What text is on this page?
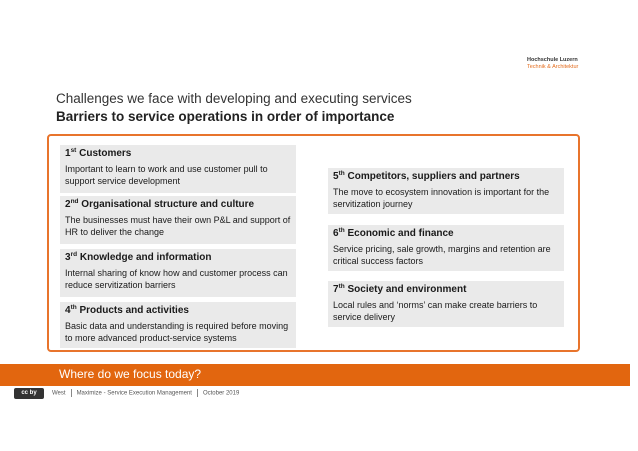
Hochschule Luzern
Technik & Architektur
Challenges we face with developing and executing services
Barriers to service operations in order of importance
1st Customers
Important to learn to work and use customer pull to support service development
2nd Organisational structure and culture
The businesses must have their own P&L and support of HR to deliver the change
3rd Knowledge and information
Internal sharing of know how and customer process can reduce servitization barriers
4th Products and activities
Basic data and understanding is required before moving to more advanced product-service systems
5th Competitors, suppliers and partners
The move to ecosystem innovation is important for the servitization journey
6th Economic and finance
Service pricing, sale growth, margins and retention are critical success factors
7th Society and environment
Local rules and ‘norms’ can make create barriers to service delivery
Where do we focus today?
cc by	West Maximize - Service Execution Management October 2019
